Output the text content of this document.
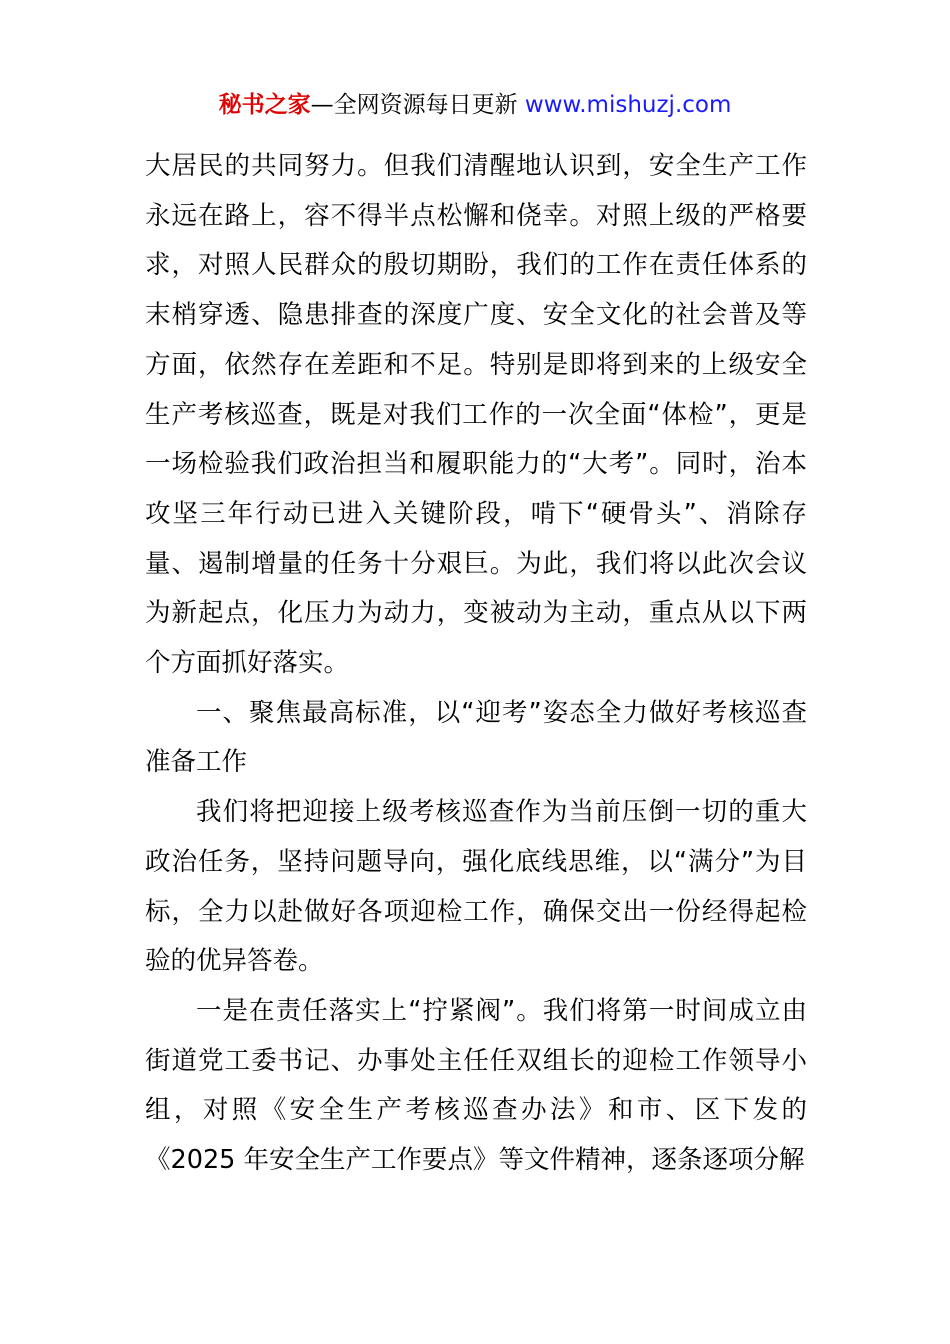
秘书之家—全网资源每日更新 www.mishuzj.com

大居民的共同努力。但我们清醒地认识到，安全生产工作永远在路上，容不得半点松懈和侥幸。对照上级的严格要求，对照人民群众的殷切期盼，我们的工作在责任体系的末梢穿透、隐患排查的深度广度、安全文化的社会普及等方面，依然存在差距和不足。特别是即将到来的上级安全生产考核巡查，既是对我们工作的一次全面“体检”，更是一场检验我们政治担当和履职能力的“大考”。同时，治本攻坚三年行动已进入关键阶段，啃下“硬骨头”、消除存量、遏制增量的任务十分艰巨。为此，我们将以此次会议为新起点，化压力为动力，变被动为主动，重点从以下两个方面抓好落实。

一、聚焦最高标准，以“迎考”姿态全力做好考核巡查准备工作

我们将把迎接上级考核巡查作为当前压倒一切的重大政治任务，坚持问题导向，强化底线思维，以“满分”为目标，全力以赴做好各项迎检工作，确保交出一份经得起检验的优异答卷。

一是在责任落实上“拧紧阀”。我们将第一时间成立由街道党工委书记、办事处主任任双组长的迎检工作领导小组，对照《安全生产考核巡查办法》和市、区下发的《2025 年安全生产工作要点》等文件精神，逐条逐项分解
